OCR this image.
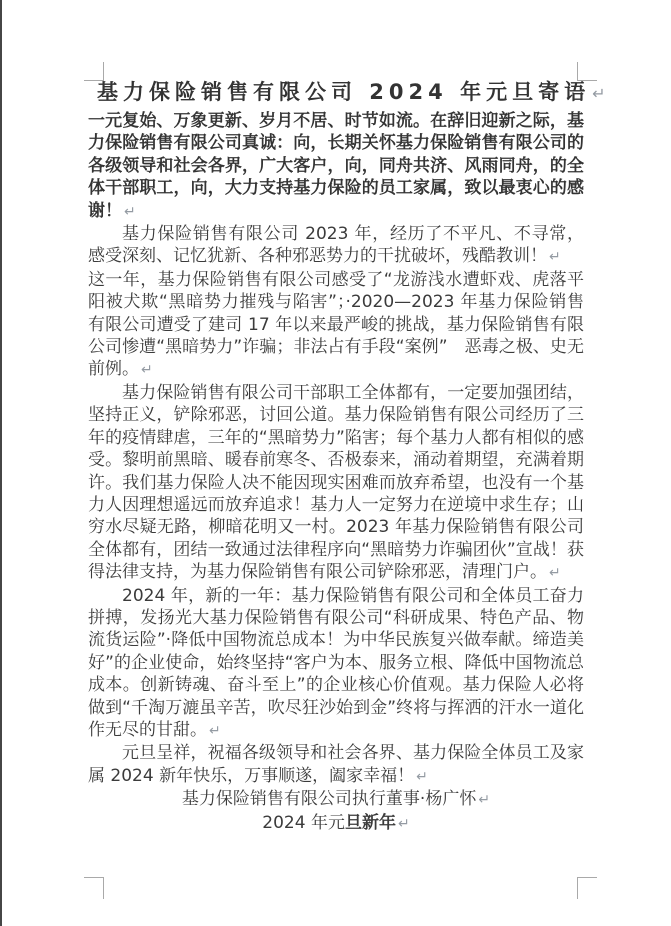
基力保险销售有限公司 2024 年元旦寄语 ↵
一元复始、万象更新、岁月不居、时节如流。在辞旧迎新之际，基力保险销售有限公司真诚：向，长期关怀基力保险销售有限公司的各级领导和社会各界，广大客户，向，同舟共济、风雨同舟，的全体干部职工，向，大力支持基力保险的员工家属，致以最衷心的感谢！ ↵
基力保险销售有限公司 2023 年，经历了不平凡、不寻常，感受深刻、记忆犹新、各种邪恶势力的干扰破坏，残酷教训！ ↵
这一年，基力保险销售有限公司感受了“龙游浅水遭虾戏、虎落平阳被犬欺“黑暗势力摧残与陷害”；·2020—2023 年基力保险销售有限公司遭受了建司 17 年以来最严峻的挑战，基力保险销售有限公司惨遭“黑暗势力”诈骗；非法占有手段“案例”　恶毒之极、史无前例。 ↵
基力保险销售有限公司干部职工全体都有，一定要加强团结，坚持正义，铲除邪恶，讨回公道。基力保险销售有限公司经历了三年的疫情肆虐，三年的“黑暗势力”陷害；每个基力人都有相似的感受。黎明前黑暗、暖春前寒冬、否极泰来，涌动着期望，充满着期许。我们基力保险人决不能因现实困难而放弃希望，也没有一个基力人因理想遥远而放弃追求！基力人一定努力在逆境中求生存；山穷水尽疑无路，柳暗花明又一村。2023 年基力保险销售有限公司全体都有，团结一致通过法律程序向“黑暗势力诈骗团伙”宣战！获得法律支持，为基力保险销售有限公司铲除邪恶，清理门户。 ↵
2024 年，新的一年：基力保险销售有限公司和全体员工奋力拼搏，发扬光大基力保险销售有限公司“科研成果、特色产品、物流货运险”·降低中国物流总成本！为中华民族复兴做奉献。缔造美好”的企业使命，始终坚持“客户为本、服务立根、降低中国物流总成本。创新铸魂、奋斗至上”的企业核心价值观。基力保险人必将做到“千淘万漉虽辛苦，吹尽狂沙始到金”终将与挥洒的汗水一道化作无尽的甘甜。 ↵
元旦呈祥，祝福各级领导和社会各界、基力保险全体员工及家属 2024 新年快乐，万事顺遂，阖家幸福！ ↵
基力保险销售有限公司执行董事·杨广怀 ↵
2024 年元旦新年 ↵
